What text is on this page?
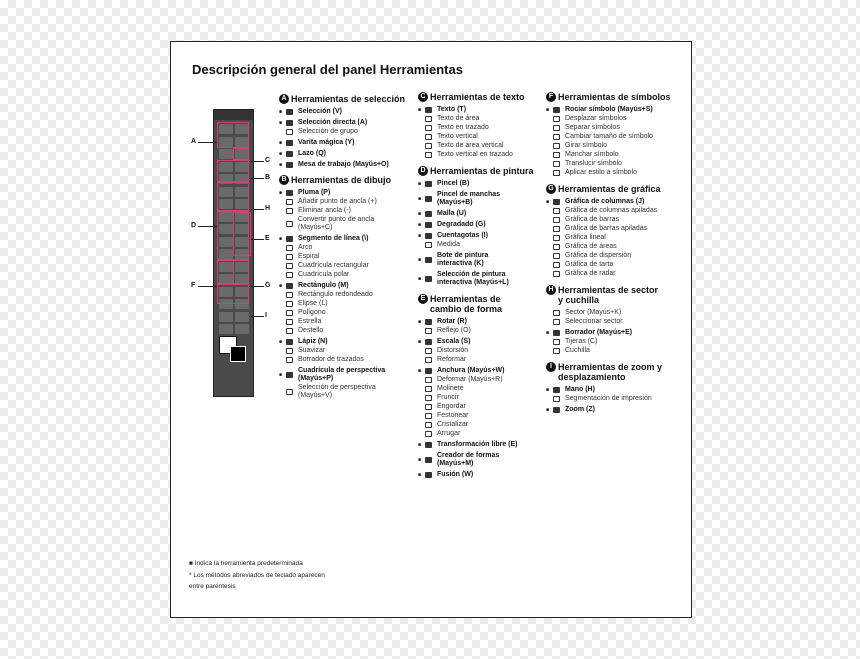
Descripción general del panel Herramientas
A
B
C
D
E
F	G
H
I
A Herramientas de selección
■ Selección (V)
■ Selección directa (A)
Selección de grupo
■ Varita mágica (Y)
■ Lazo (Q)
■ Mesa de trabajo (Mayús+O)
B Herramientas de dibujo
■ Pluma (P)
Añadir punto de ancla (+)
Eliminar ancla (-)
Convertir punto de ancla
(Mayús+C)
■ Segmento de línea (\)
Arco
Espiral
Cuadrícula rectangular
Cuadrícula polar
■ Rectángulo (M)
Rectángulo redondeado
Elipse (L)
Polígono
Estrella
Destello
■ Lápiz (N)
Suavizar
Borrador de trazados
■
Cuadrícula de perspectiva
(Mayús+P)
Selección de perspectiva
(Mayús+V)
C Herramientas de texto
■ Texto (T)
Texto de área
Texto en trazado
Texto vertical
Texto de área vertical
Texto vertical en trazado
D Herramientas de pintura
■ Pincel (B)
■
Pincel de manchas
(Mayús+B)
■ Malla (U)
■ Degradado (G)
■ Cuentagotas (I)
Medida
■
Bote de pintura
interactiva (K)
■
Selección de pintura
interactiva (Mayús+L)
E Herramientas de
cambio de forma
■ Rotar (R)
Reflejo (O)
■ Escala (S)
Distorsión
Reformar
■ Anchura (Mayús+W)
Deformar (Mayús+R)
Molinete
Fruncir
Engordar
Festonear
Cristalizar
Arrugar
■ Transformación libre (E)
■
Creador de formas
(Mayús+M)
■ Fusión (W)
F Herramientas de símbolos
■ Rociar símbolo (Mayús+S)
Desplazar símbolos
Separar símbolos
Cambiar tamaño de símbolo
Girar símbolo
Manchar símbolo
Translucir símbolo
Aplicar estilo a símbolo
G Herramientas de gráfica
■ Gráfica de columnas (J)
Gráfica de columnas apiladas
Gráfica de barras
Gráfica de barras apiladas
Gráfica lineal
Gráfica de áreas
Gráfica de dispersión
Gráfica de tarta
Gráfica de radar
H Herramientas de sector
y cuchilla
Sector (Mayús+K)
Seleccionar sector
■ Borrador (Mayús+E)
Tijeras (C)
Cuchilla
I Herramientas de zoom y
desplazamiento
■ Mano (H)
Segmentación de impresión
■ Zoom (Z)
■ Indica la herramienta predeterminada
* Los métodos abreviados de teclado aparecen
entre paréntesis
